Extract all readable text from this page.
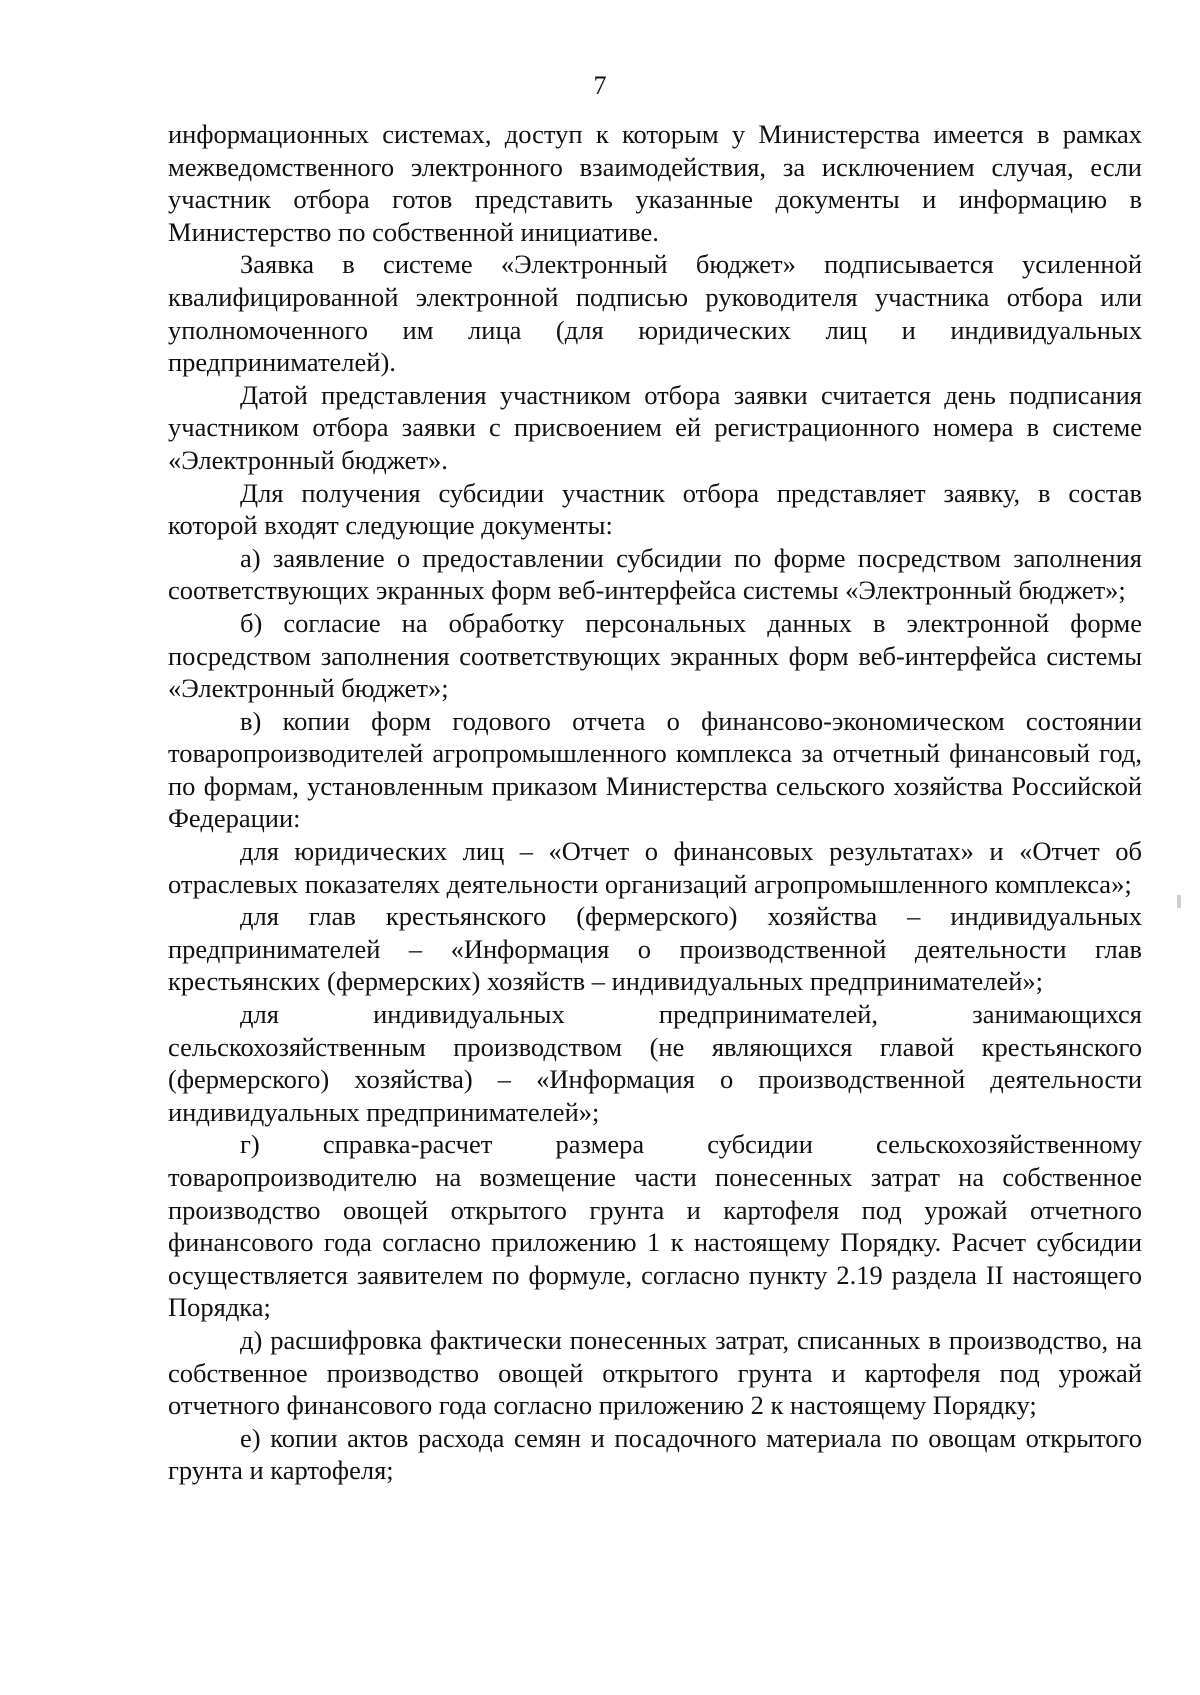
7

информационных системах, доступ к которым у Министерства имеется в рамках межведомственного электронного взаимодействия, за исключением случая, если участник отбора готов представить указанные документы и информацию в Министерство по собственной инициативе.

Заявка в системе «Электронный бюджет» подписывается усиленной квалифицированной электронной подписью руководителя участника отбора или уполномоченного им лица (для юридических лиц и индивидуальных предпринимателей).

Датой представления участником отбора заявки считается день подписания участником отбора заявки с присвоением ей регистрационного номера в системе «Электронный бюджет».

Для получения субсидии участник отбора представляет заявку, в состав которой входят следующие документы:

а) заявление о предоставлении субсидии по форме посредством заполнения соответствующих экранных форм веб-интерфейса системы «Электронный бюджет»;

б) согласие на обработку персональных данных в электронной форме посредством заполнения соответствующих экранных форм веб-интерфейса системы «Электронный бюджет»;

в) копии форм годового отчета о финансово-экономическом состоянии товаропроизводителей агропромышленного комплекса за отчетный финансовый год, по формам, установленным приказом Министерства сельского хозяйства Российской Федерации:

для юридических лиц – «Отчет о финансовых результатах» и «Отчет об отраслевых показателях деятельности организаций агропромышленного комплекса»;

для глав крестьянского (фермерского) хозяйства – индивидуальных предпринимателей – «Информация о производственной деятельности глав крестьянских (фермерских) хозяйств – индивидуальных предпринимателей»;

для индивидуальных предпринимателей, занимающихся сельскохозяйственным производством (не являющихся главой крестьянского (фермерского) хозяйства) – «Информация о производственной деятельности индивидуальных предпринимателей»;

г) справка-расчет размера субсидии сельскохозяйственному товаропроизводителю на возмещение части понесенных затрат на собственное производство овощей открытого грунта и картофеля под урожай отчетного финансового года согласно приложению 1 к настоящему Порядку. Расчет субсидии осуществляется заявителем по формуле, согласно пункту 2.19 раздела II настоящего Порядка;

д) расшифровка фактически понесенных затрат, списанных в производство, на собственное производство овощей открытого грунта и картофеля под урожай отчетного финансового года согласно приложению 2 к настоящему Порядку;

е) копии актов расхода семян и посадочного материала по овощам открытого грунта и картофеля;
